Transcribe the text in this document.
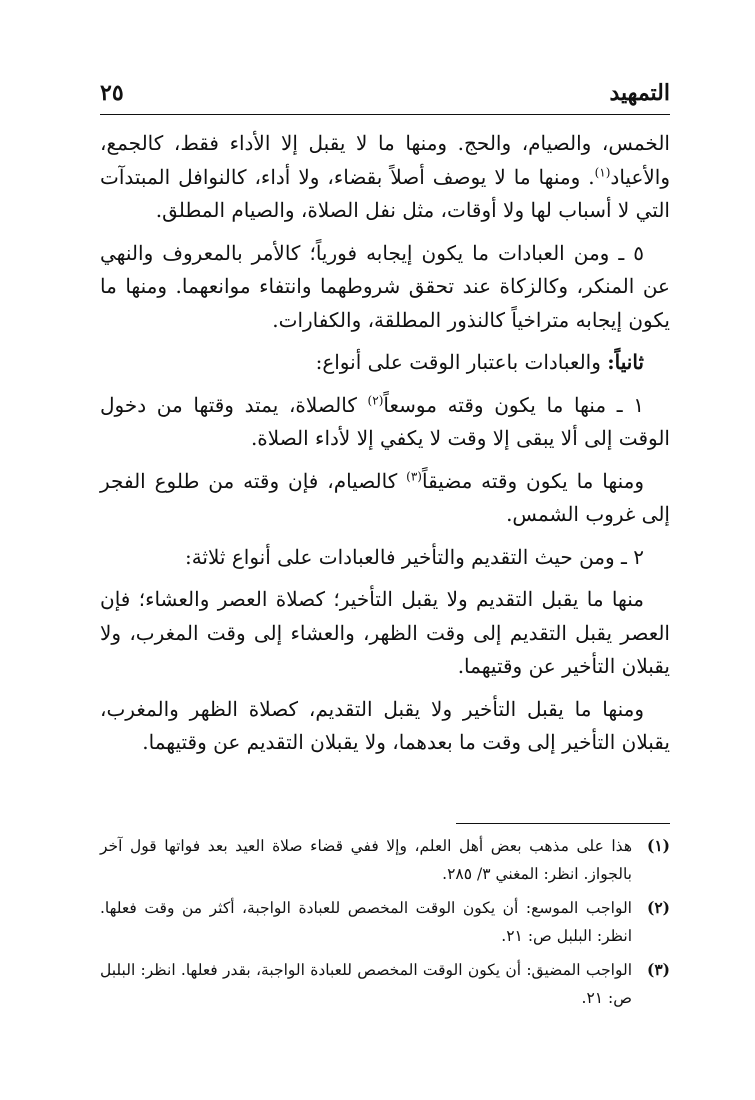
التمهيد
٢٥

الخمس، والصيام، والحج. ومنها ما لا يقبل إلا الأداء فقط، كالجمع، والأعياد$^{(١)}$. ومنها ما لا يوصف أصلاً بقضاء، ولا أداء، كالنوافل المبتدآت التي لا أسباب لها ولا أوقات، مثل نفل الصلاة، والصيام المطلق.

٥ ـ ومن العبادات ما يكون إيجابه فورياً؛ كالأمر بالمعروف والنهي عن المنكر، وكالزكاة عند تحقق شروطهما وانتفاء موانعهما. ومنها ما يكون إيجابه متراخياً كالنذور المطلقة، والكفارات.

ثانياً: والعبادات باعتبار الوقت على أنواع:

١ ـ منها ما يكون وقته موسعاً$^{(٢)}$ كالصلاة، يمتد وقتها من دخول الوقت إلى ألا يبقى إلا وقت لا يكفي إلا لأداء الصلاة.

ومنها ما يكون وقته مضيقاً$^{(٣)}$ كالصيام، فإن وقته من طلوع الفجر إلى غروب الشمس.

٢ ـ ومن حيث التقديم والتأخير فالعبادات على أنواع ثلاثة:

منها ما يقبل التقديم ولا يقبل التأخير؛ كصلاة العصر والعشاء؛ فإن العصر يقبل التقديم إلى وقت الظهر، والعشاء إلى وقت المغرب، ولا يقبلان التأخير عن وقتيهما.

ومنها ما يقبل التأخير ولا يقبل التقديم، كصلاة الظهر والمغرب، يقبلان التأخير إلى وقت ما بعدهما، ولا يقبلان التقديم عن وقتيهما.

(١)
هذا على مذهب بعض أهل العلم، وإلا ففي قضاء صلاة العيد بعد فواتها قول آخر بالجواز. انظر: المغني ٣/ ٢٨٥.
(٢)
الواجب الموسع: أن يكون الوقت المخصص للعبادة الواجبة، أكثر من وقت فعلها. انظر: البلبل ص: ٢١.
(٣)
الواجب المضيق: أن يكون الوقت المخصص للعبادة الواجبة، بقدر فعلها. انظر: البلبل ص: ٢١.
